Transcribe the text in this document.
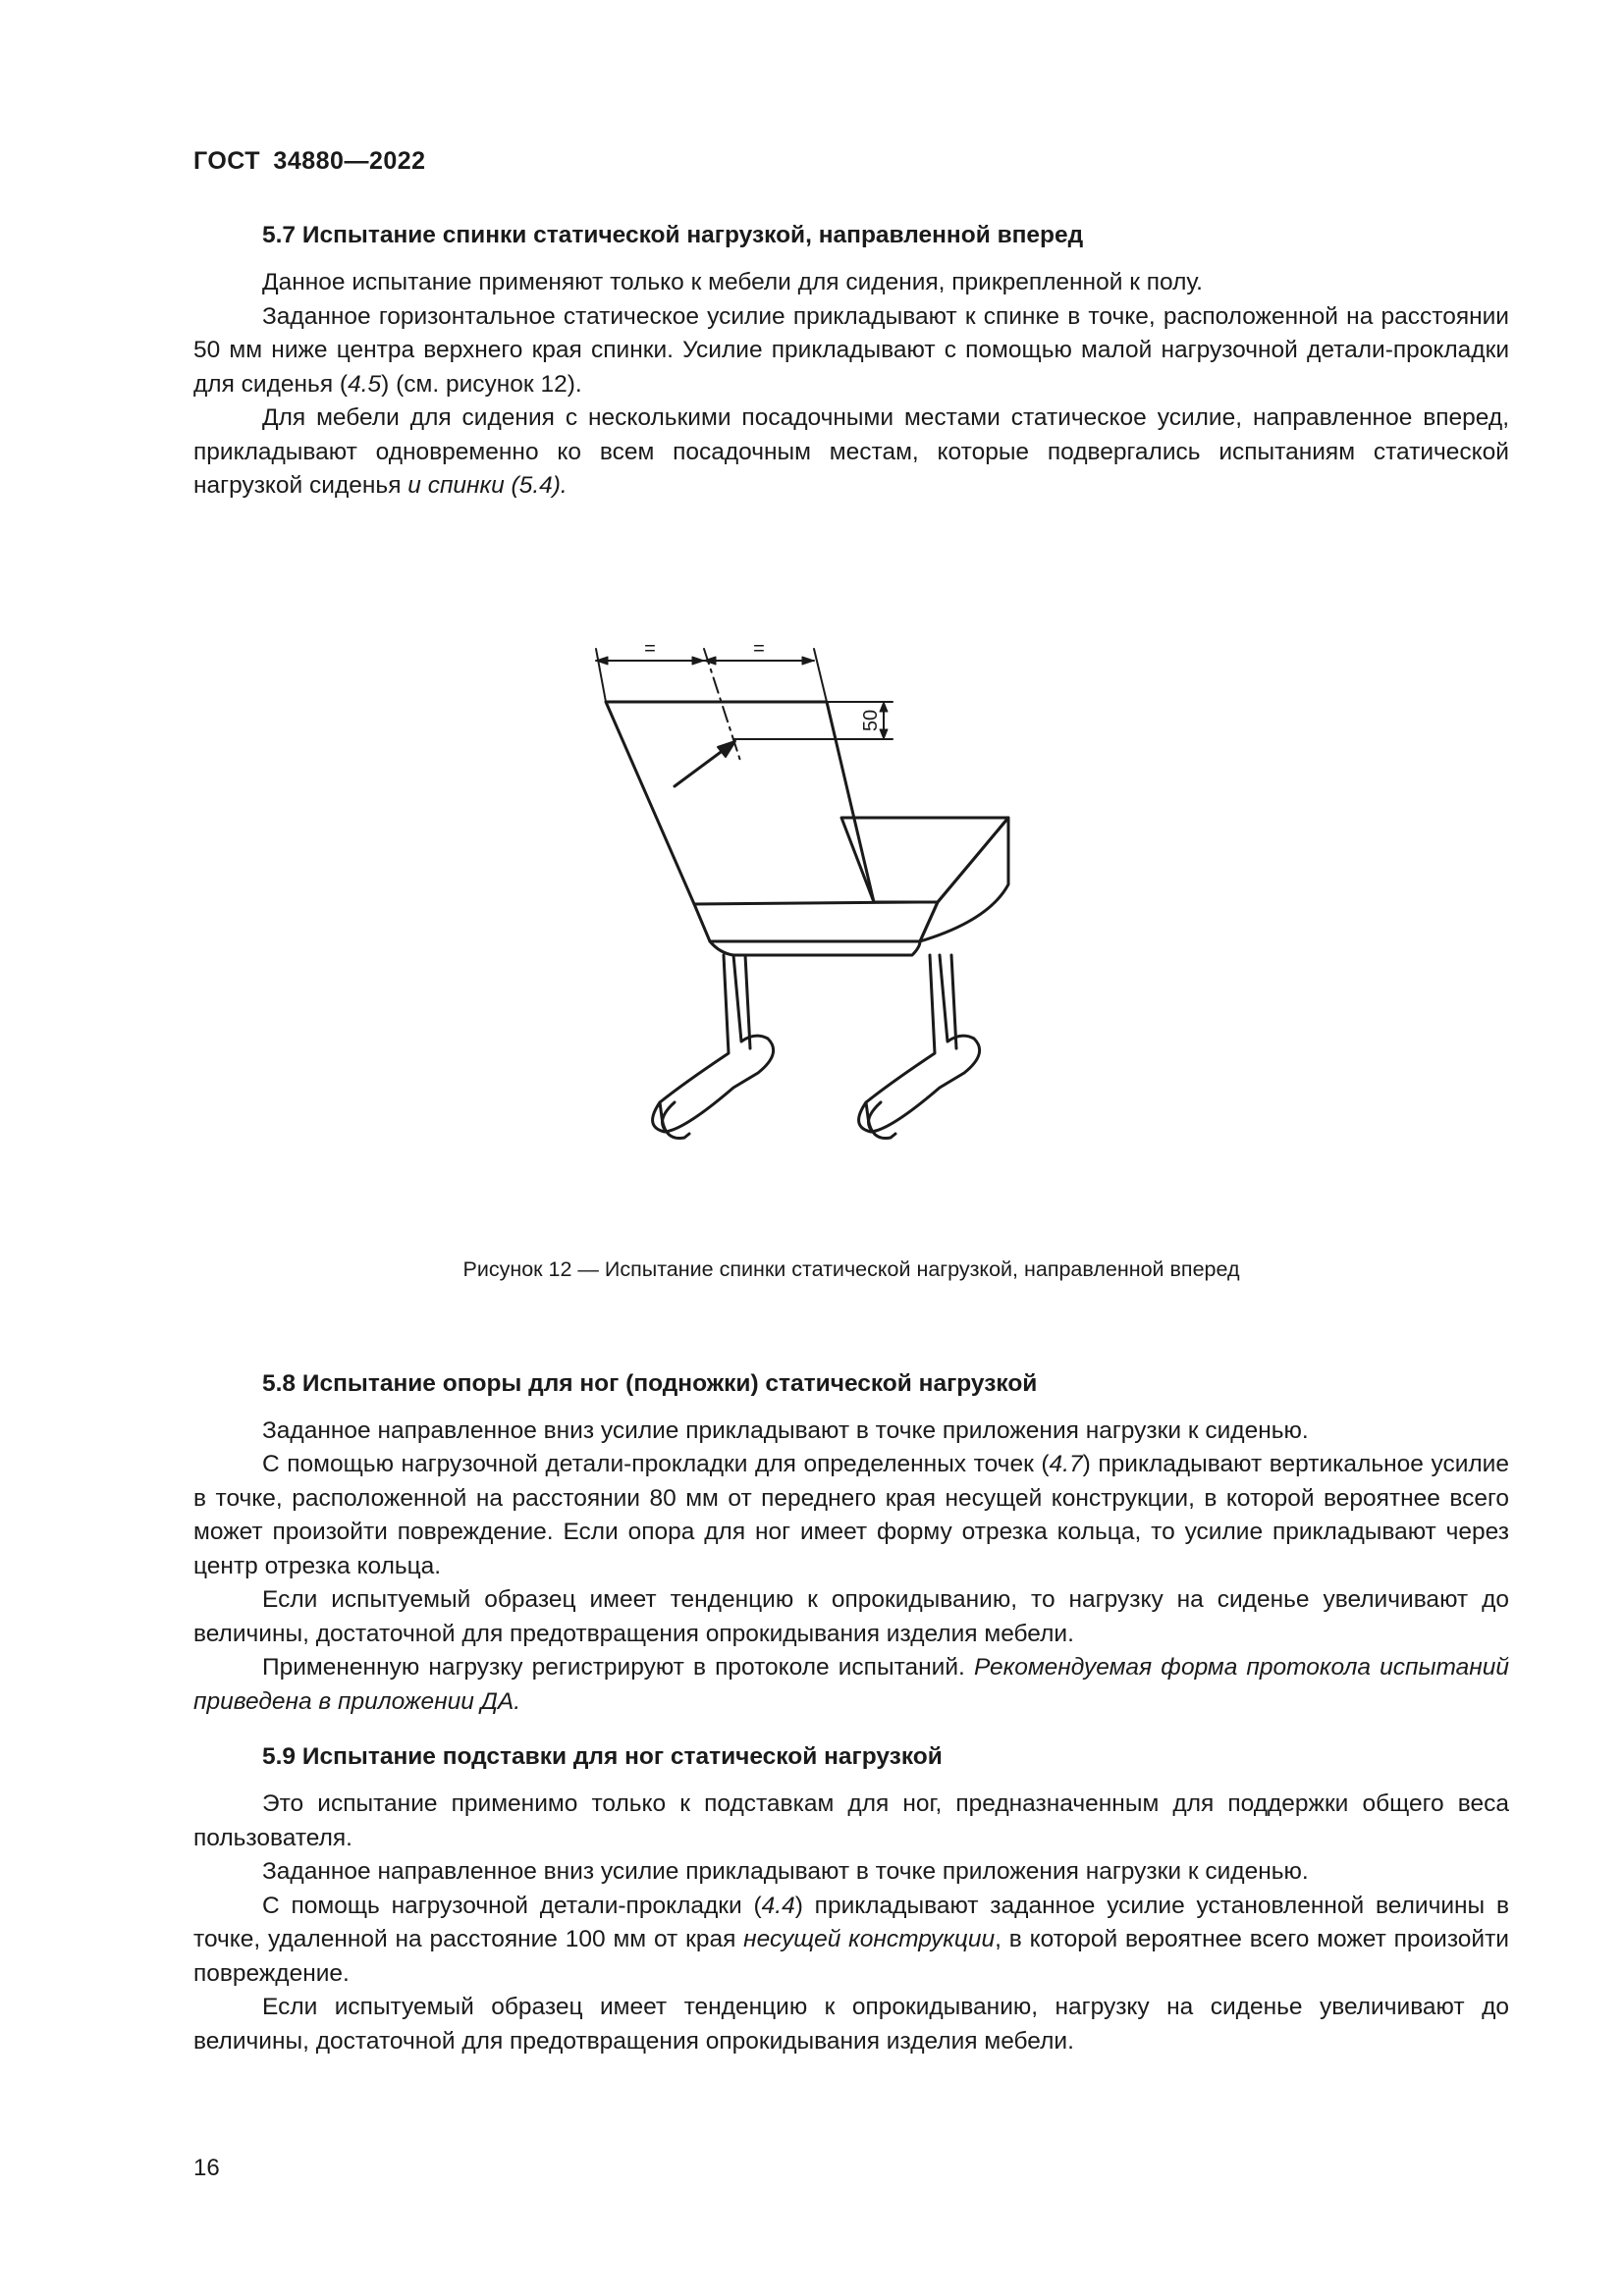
ГОСТ 34880—2022
5.7 Испытание спинки статической нагрузкой, направленной вперед

Данное испытание применяют только к мебели для сидения, прикрепленной к полу.

Заданное горизонтальное статическое усилие прикладывают к спинке в точке, расположенной на расстоянии 50 мм ниже центра верхнего края спинки. Усилие прикладывают с помощью малой нагрузочной детали-прокладки для сиденья (4.5) (см. рисунок 12).

Для мебели для сидения с несколькими посадочными местами статическое усилие, направленное вперед, прикладывают одновременно ко всем посадочным местам, которые подвергались испытаниям статической нагрузкой сиденья и спинки (5.4).

=	=
50
Рисунок 12 — Испытание спинки статической нагрузкой, направленной вперед
5.8 Испытание опоры для ног (подножки) статической нагрузкой

Заданное направленное вниз усилие прикладывают в точке приложения нагрузки к сиденью.

С помощью нагрузочной детали-прокладки для определенных точек (4.7) прикладывают вертикальное усилие в точке, расположенной на расстоянии 80 мм от переднего края несущей конструкции, в которой вероятнее всего может произойти повреждение. Если опора для ног имеет форму отрезка кольца, то усилие прикладывают через центр отрезка кольца.

Если испытуемый образец имеет тенденцию к опрокидыванию, то нагрузку на сиденье увеличивают до величины, достаточной для предотвращения опрокидывания изделия мебели.

Примененную нагрузку регистрируют в протоколе испытаний. Рекомендуемая форма протокола испытаний приведена в приложении ДА.

5.9 Испытание подставки для ног статической нагрузкой

Это испытание применимо только к подставкам для ног, предназначенным для поддержки общего веса пользователя.

Заданное направленное вниз усилие прикладывают в точке приложения нагрузки к сиденью.

С помощь нагрузочной детали-прокладки (4.4) прикладывают заданное усилие установленной величины в точке, удаленной на расстояние 100 мм от края несущей конструкции, в которой вероятнее всего может произойти повреждение.

Если испытуемый образец имеет тенденцию к опрокидыванию, нагрузку на сиденье увеличивают до величины, достаточной для предотвращения опрокидывания изделия мебели.

16
